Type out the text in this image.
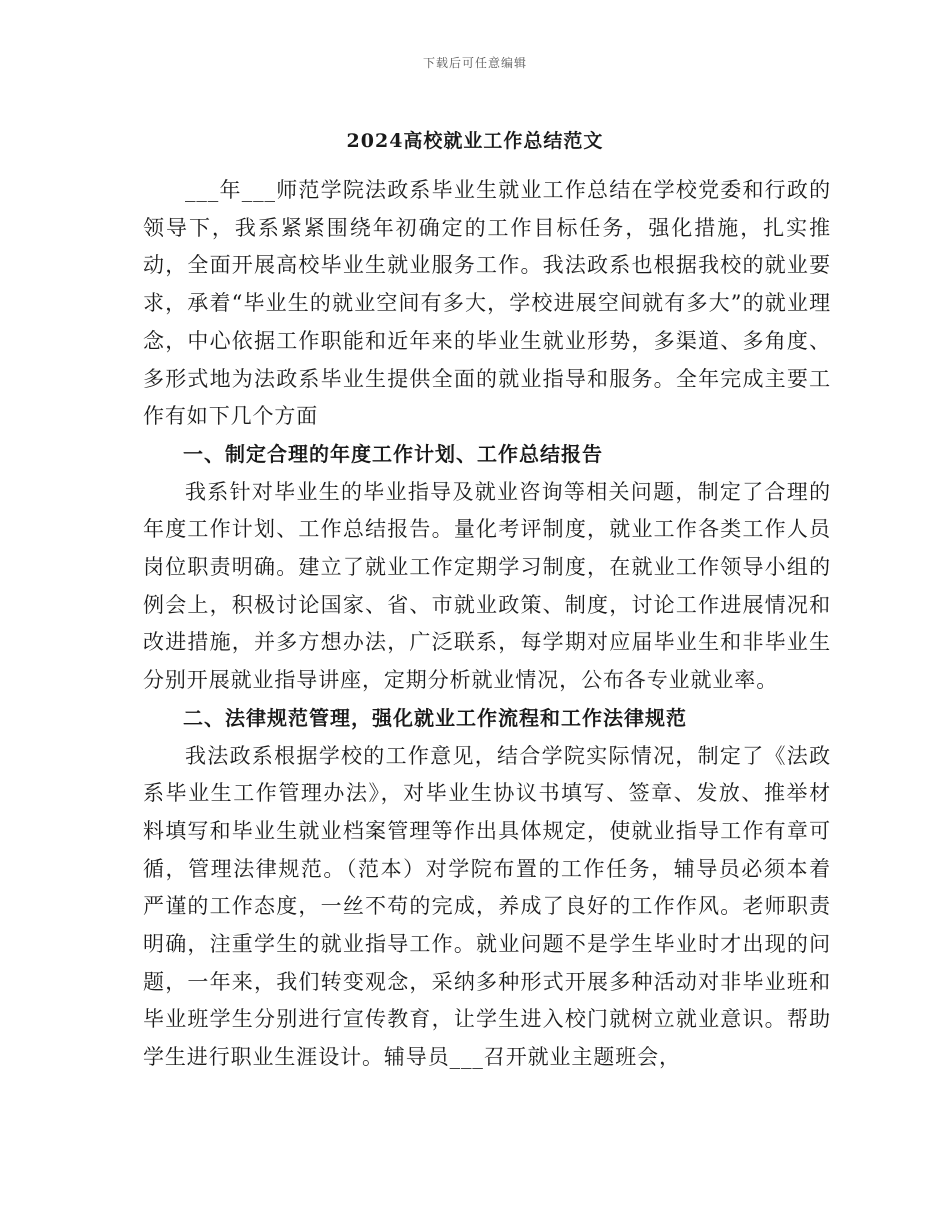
下载后可任意编辑
2024高校就业工作总结范文

___年___师范学院法政系毕业生就业工作总结在学校党委和行政的领导下，我系紧紧围绕年初确定的工作目标任务，强化措施，扎实推动，全面开展高校毕业生就业服务工作。我法政系也根据我校的就业要求，承着“毕业生的就业空间有多大，学校进展空间就有多大”的就业理念，中心依据工作职能和近年来的毕业生就业形势，多渠道、多角度、多形式地为法政系毕业生提供全面的就业指导和服务。全年完成主要工作有如下几个方面

一、制定合理的年度工作计划、工作总结报告

我系针对毕业生的毕业指导及就业咨询等相关问题，制定了合理的年度工作计划、工作总结报告。量化考评制度，就业工作各类工作人员岗位职责明确。建立了就业工作定期学习制度，在就业工作领导小组的例会上，积极讨论国家、省、市就业政策、制度，讨论工作进展情况和改进措施，并多方想办法，广泛联系，每学期对应届毕业生和非毕业生分别开展就业指导讲座，定期分析就业情况，公布各专业就业率。

二、法律规范管理，强化就业工作流程和工作法律规范

我法政系根据学校的工作意见，结合学院实际情况，制定了《法政系毕业生工作管理办法》，对毕业生协议书填写、签章、发放、推举材料填写和毕业生就业档案管理等作出具体规定，使就业指导工作有章可循，管理法律规范。（范本）对学院布置的工作任务，辅导员必须本着严谨的工作态度，一丝不苟的完成，养成了良好的工作作风。老师职责明确，注重学生的就业指导工作。就业问题不是学生毕业时才出现的问题，一年来，我们转变观念，采纳多种形式开展多种活动对非毕业班和毕业班学生分别进行宣传教育，让学生进入校门就树立就业意识。帮助学生进行职业生涯设计。辅导员___召开就业主题班会，
